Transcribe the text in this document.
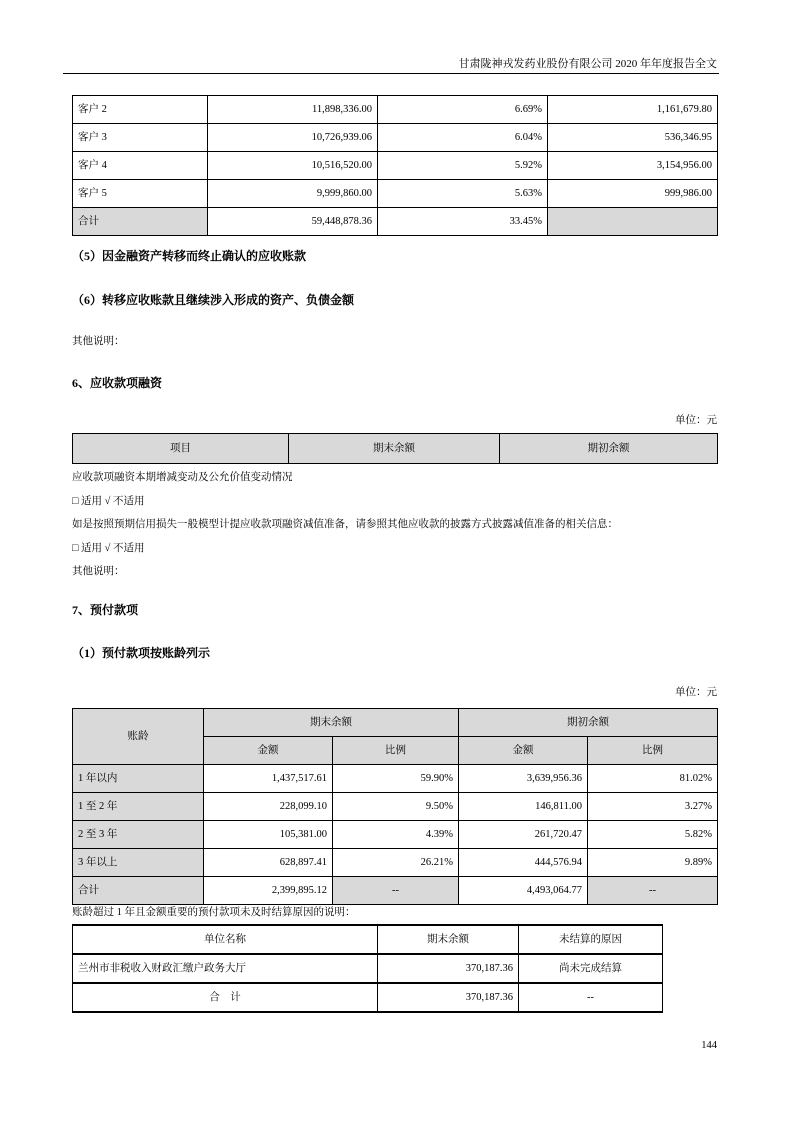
甘肃陇神戎发药业股份有限公司 2020 年年度报告全文
客户 2	11,898,336.00	6.69%	1,161,679.80
客户 3	10,726,939.06	6.04%	536,346.95
客户 4	10,516,520.00	5.92%	3,154,956.00
客户 5	9,999,860.00	5.63%	999,986.00
合计	59,448,878.36	33.45%	
（5）因金融资产转移而终止确认的应收账款
（6）转移应收账款且继续涉入形成的资产、负债金额
其他说明：
6、应收款项融资
单位：元
项目	期末余额	期初余额
应收款项融资本期增减变动及公允价值变动情况
□ 适用 √ 不适用
如是按照预期信用损失一般模型计提应收款项融资减值准备，请参照其他应收款的披露方式披露减值准备的相关信息：
□ 适用 √ 不适用
其他说明：
7、预付款项
（1）预付款项按账龄列示
单位：元
账龄	期末余额		期初余额	
	金额	比例	金额	比例
1 年以内	1,437,517.61	59.90%	3,639,956.36	81.02%
1 至 2 年	228,099.10	9.50%	146,811.00	3.27%
2 至 3 年	105,381.00	4.39%	261,720.47	5.82%
3 年以上	628,897.41	26.21%	444,576.94	9.89%
合计	2,399,895.12	--	4,493,064.77	--
账龄超过 1 年且金额重要的预付款项未及时结算原因的说明：
单位名称	期末余额	未结算的原因
兰州市非税收入财政汇缴户政务大厅	370,187.36	尚未完成结算
合　计	370,187.36	--
144
